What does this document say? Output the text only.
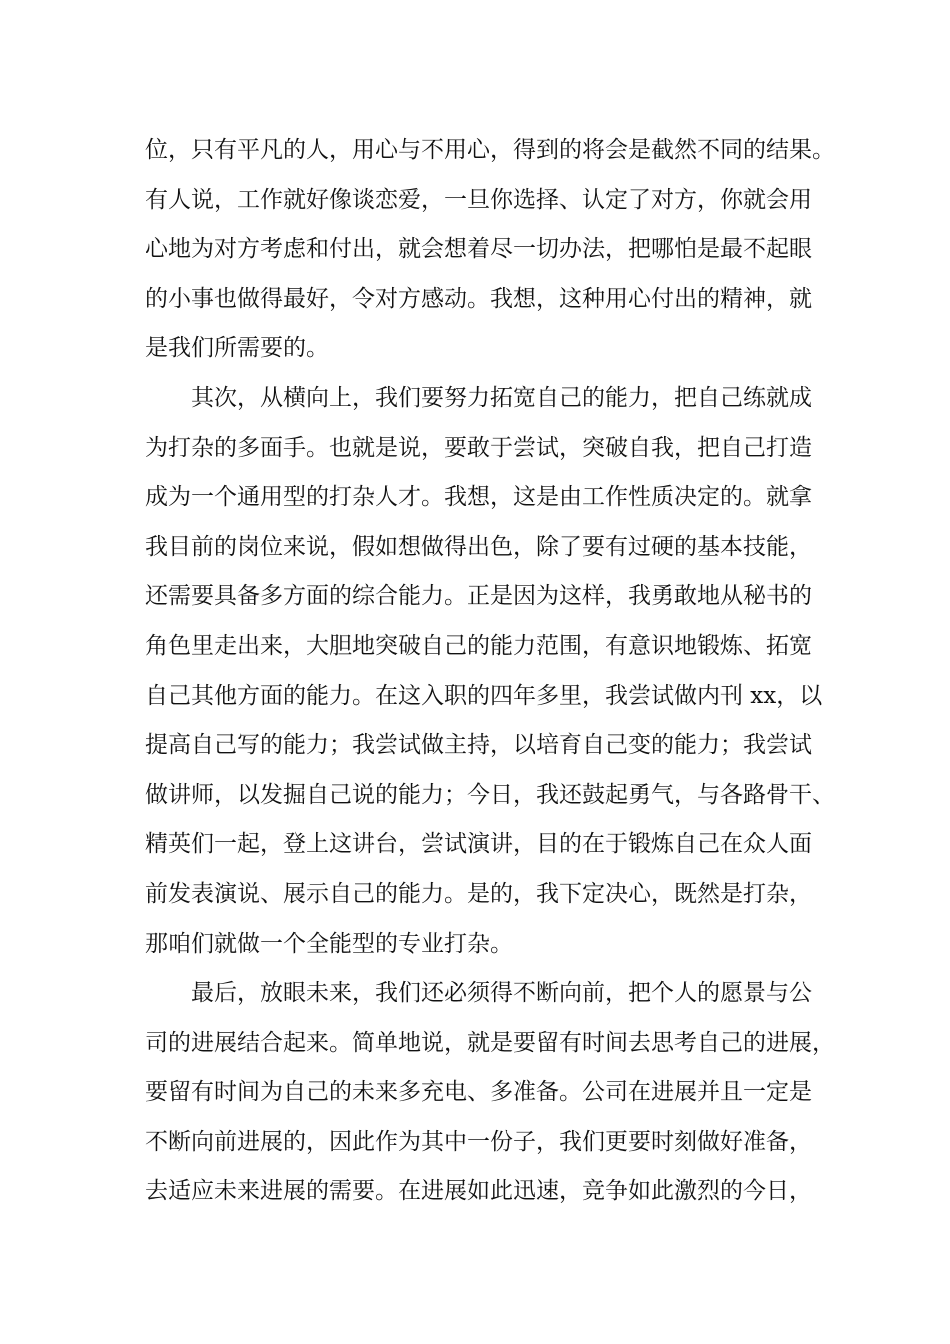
位，只有平凡的人，用心与不用心，得到的将会是截然不同的结果。
有人说，工作就好像谈恋爱，一旦你选择、认定了对方，你就会用
心地为对方考虑和付出，就会想着尽一切办法，把哪怕是最不起眼
的小事也做得最好，令对方感动。我想，这种用心付出的精神，就
是我们所需要的。
其次，从横向上，我们要努力拓宽自己的能力，把自己练就成
为打杂的多面手。也就是说，要敢于尝试，突破自我，把自己打造
成为一个通用型的打杂人才。我想，这是由工作性质决定的。就拿
我目前的岗位来说，假如想做得出色，除了要有过硬的基本技能，
还需要具备多方面的综合能力。正是因为这样，我勇敢地从秘书的
角色里走出来，大胆地突破自己的能力范围，有意识地锻炼、拓宽
自己其他方面的能力。在这入职的四年多里，我尝试做内刊 xx，以
提高自己写的能力；我尝试做主持，以培育自己变的能力；我尝试
做讲师，以发掘自己说的能力；今日，我还鼓起勇气，与各路骨干、
精英们一起，登上这讲台，尝试演讲，目的在于锻炼自己在众人面
前发表演说、展示自己的能力。是的，我下定决心，既然是打杂，
那咱们就做一个全能型的专业打杂。
最后，放眼未来，我们还必须得不断向前，把个人的愿景与公
司的进展结合起来。简单地说，就是要留有时间去思考自己的进展，
要留有时间为自己的未来多充电、多准备。公司在进展并且一定是
不断向前进展的，因此作为其中一份子，我们更要时刻做好准备，
去适应未来进展的需要。在进展如此迅速，竞争如此激烈的今日，
